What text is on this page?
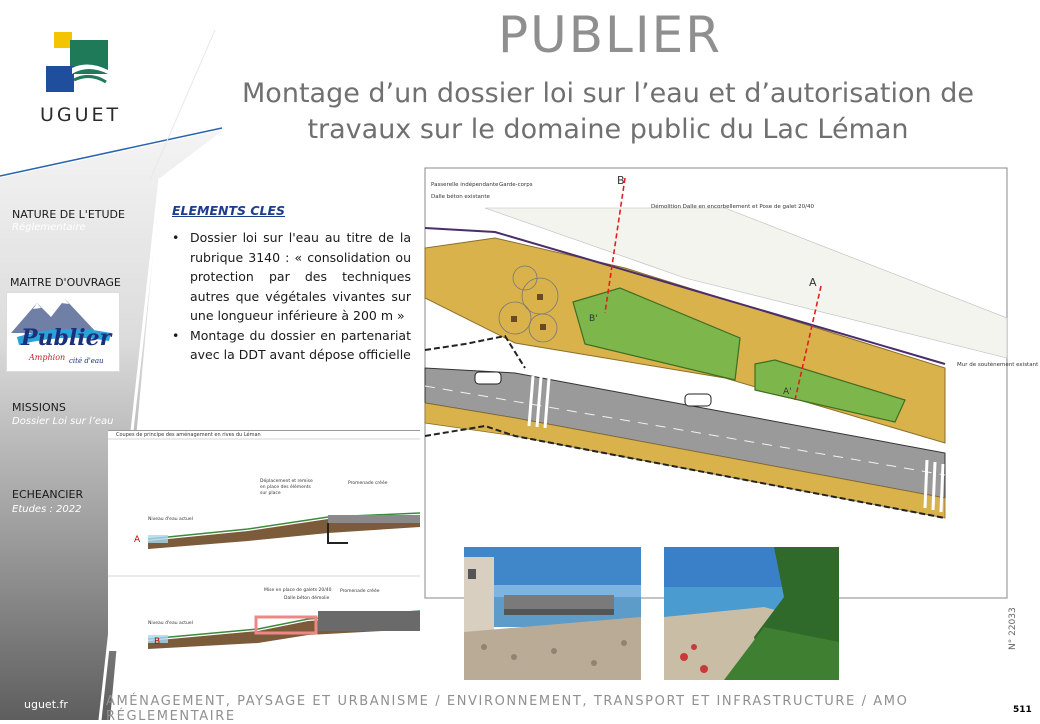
UGUET
NATURE DE L'ETUDE
Réglementaire
MAITRE D'OUVRAGE
Publier
Amphion cité d'eau
MISSIONS
Dossier Loi sur l’eau
ECHEANCIER
Etudes : 2022
PUBLIER
Montage d’un dossier loi sur l’eau et d’autorisation de
travaux sur le domaine public du Lac Léman
ELEMENTS CLES
• Dossier loi sur l'eau au titre de la rubrique 3140 : « consolidation ou protection par des techniques autres que végétales vivantes sur une longueur inférieure à 200 m »
• Montage du dossier en partenariat avec la DDT avant dépose officielle
B
A
B'
A'
Passerelle indépendante Garde-corps
Dalle béton existante
Démolition Dalle en encorbellement et Pose de galet 20/40
Mur de soutènement existant
Coupes de principe des aménagement en rives du Léman
A
Déplacement et remise en place des éléments sur place
Promenade créée
Niveau d'eau actuel
B
Mise en place de galets 20/40
Dalle béton démolie
Promenade créée
Niveau d'eau actuel
uguet.fr	AMÉNAGEMENT, PAYSAGE ET URBANISME / ENVIRONNEMENT, TRANSPORT ET INFRASTRUCTURE / AMO RÉGLEMENTAIRE	511
N° 22033
